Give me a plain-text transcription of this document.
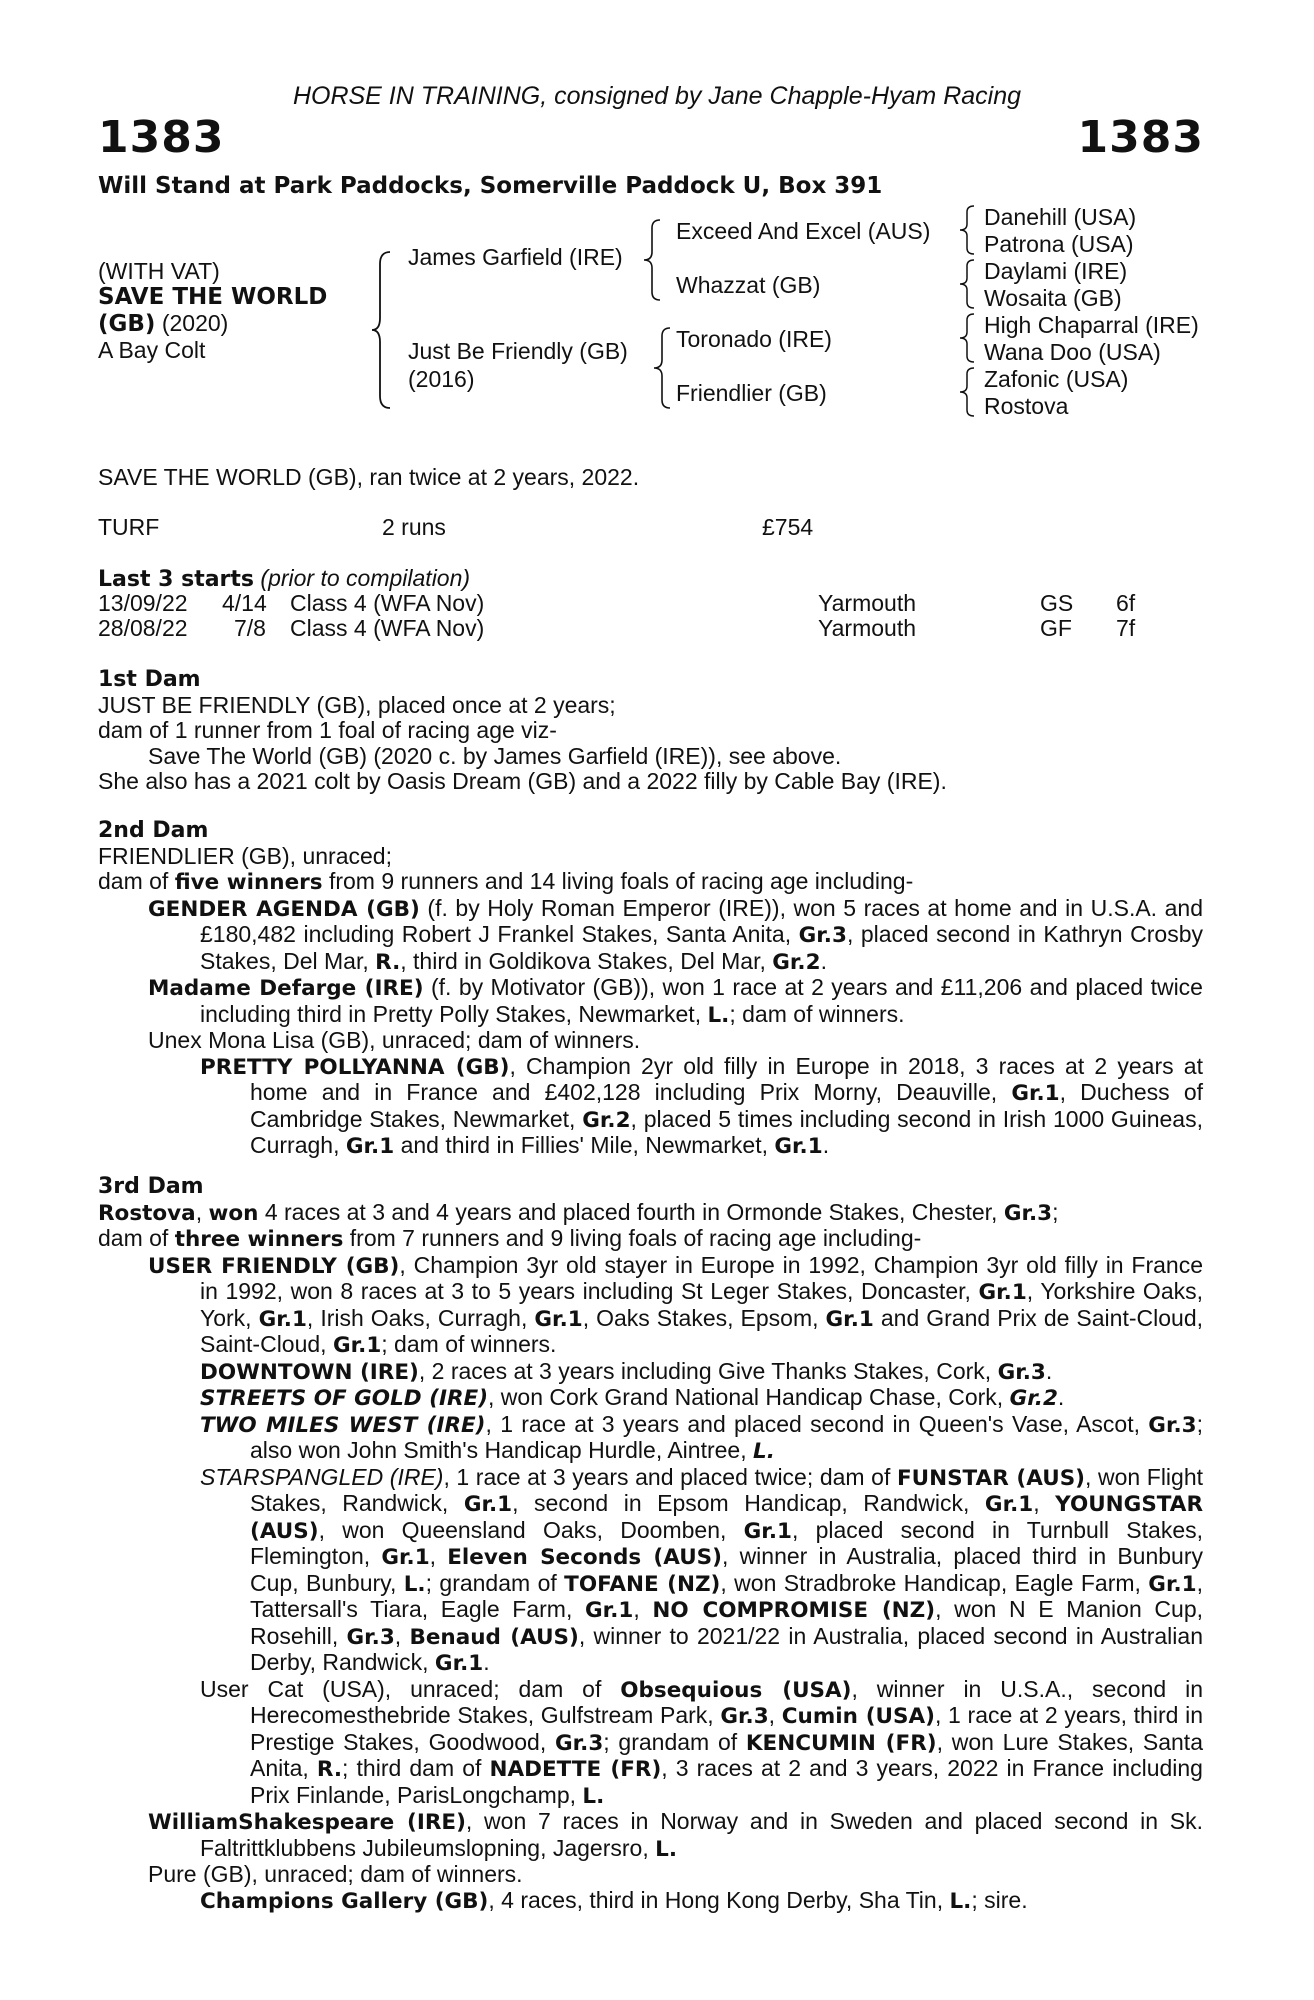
HORSE IN TRAINING, consigned by Jane Chapple-Hyam Racing
1383	1383
Will Stand at Park Paddocks, Somerville Paddock U, Box 391
(WITH VAT)
SAVE THE WORLD
(GB) (2020)
A Bay Colt
James Garfield (IRE)
Just Be Friendly (GB)
(2016)
Exceed And Excel (AUS)
Whazzat (GB)
Toronado (IRE)
Friendlier (GB)
Danehill (USA)
Patrona (USA)
Daylami (IRE)
Wosaita (GB)
High Chaparral (IRE)
Wana Doo (USA)
Zafonic (USA)
Rostova
SAVE THE WORLD (GB), ran twice at 2 years, 2022.
TURF	2 runs	£754
Last 3 starts (prior to compilation)
13/09/22 4/14 Class 4 (WFA Nov)	Yarmouth	GS 6f
28/08/22 7/8 Class 4 (WFA Nov)	Yarmouth	GF 7f
1st Dam
JUST BE FRIENDLY (GB), placed once at 2 years;
dam of 1 runner from 1 foal of racing age viz-
Save The World (GB) (2020 c. by James Garfield (IRE)), see above.
She also has a 2021 colt by Oasis Dream (GB) and a 2022 filly by Cable Bay (IRE).
2nd Dam
FRIENDLIER (GB), unraced;
dam of five winners from 9 runners and 14 living foals of racing age including-
GENDER AGENDA (GB) (f. by Holy Roman Emperor (IRE)), won 5 races at home and in U.S.A. and £180,482 including Robert J Frankel Stakes, Santa Anita, Gr.3, placed second in Kathryn Crosby Stakes, Del Mar, R., third in Goldikova Stakes, Del Mar, Gr.2.
Madame Defarge (IRE) (f. by Motivator (GB)), won 1 race at 2 years and £11,206 and placed twice including third in Pretty Polly Stakes, Newmarket, L.; dam of winners.
Unex Mona Lisa (GB), unraced; dam of winners.
PRETTY POLLYANNA (GB), Champion 2yr old filly in Europe in 2018, 3 races at 2 years at home and in France and £402,128 including Prix Morny, Deauville, Gr.1, Duchess of Cambridge Stakes, Newmarket, Gr.2, placed 5 times including second in Irish 1000 Guineas, Curragh, Gr.1 and third in Fillies' Mile, Newmarket, Gr.1.
3rd Dam
Rostova, won 4 races at 3 and 4 years and placed fourth in Ormonde Stakes, Chester, Gr.3;
dam of three winners from 7 runners and 9 living foals of racing age including-
USER FRIENDLY (GB), Champion 3yr old stayer in Europe in 1992, Champion 3yr old filly in France in 1992, won 8 races at 3 to 5 years including St Leger Stakes, Doncaster, Gr.1, Yorkshire Oaks, York, Gr.1, Irish Oaks, Curragh, Gr.1, Oaks Stakes, Epsom, Gr.1 and Grand Prix de Saint-Cloud, Saint-Cloud, Gr.1; dam of winners.
DOWNTOWN (IRE), 2 races at 3 years including Give Thanks Stakes, Cork, Gr.3.
STREETS OF GOLD (IRE), won Cork Grand National Handicap Chase, Cork, Gr.2.
TWO MILES WEST (IRE), 1 race at 3 years and placed second in Queen's Vase, Ascot, Gr.3; also won John Smith's Handicap Hurdle, Aintree, L.
STARSPANGLED (IRE), 1 race at 3 years and placed twice; dam of FUNSTAR (AUS), won Flight Stakes, Randwick, Gr.1, second in Epsom Handicap, Randwick, Gr.1, YOUNGSTAR (AUS), won Queensland Oaks, Doomben, Gr.1, placed second in Turnbull Stakes, Flemington, Gr.1, Eleven Seconds (AUS), winner in Australia, placed third in Bunbury Cup, Bunbury, L.; grandam of TOFANE (NZ), won Stradbroke Handicap, Eagle Farm, Gr.1, Tattersall's Tiara, Eagle Farm, Gr.1, NO COMPROMISE (NZ), won N E Manion Cup, Rosehill, Gr.3, Benaud (AUS), winner to 2021/22 in Australia, placed second in Australian Derby, Randwick, Gr.1.
User Cat (USA), unraced; dam of Obsequious (USA), winner in U.S.A., second in Herecomesthebride Stakes, Gulfstream Park, Gr.3, Cumin (USA), 1 race at 2 years, third in Prestige Stakes, Goodwood, Gr.3; grandam of KENCUMIN (FR), won Lure Stakes, Santa Anita, R.; third dam of NADETTE (FR), 3 races at 2 and 3 years, 2022 in France including Prix Finlande, ParisLongchamp, L.
WilliamShakespeare (IRE), won 7 races in Norway and in Sweden and placed second in Sk. Faltrittklubbens Jubileumslopning, Jagersro, L.
Pure (GB), unraced; dam of winners.
Champions Gallery (GB), 4 races, third in Hong Kong Derby, Sha Tin, L.; sire.
